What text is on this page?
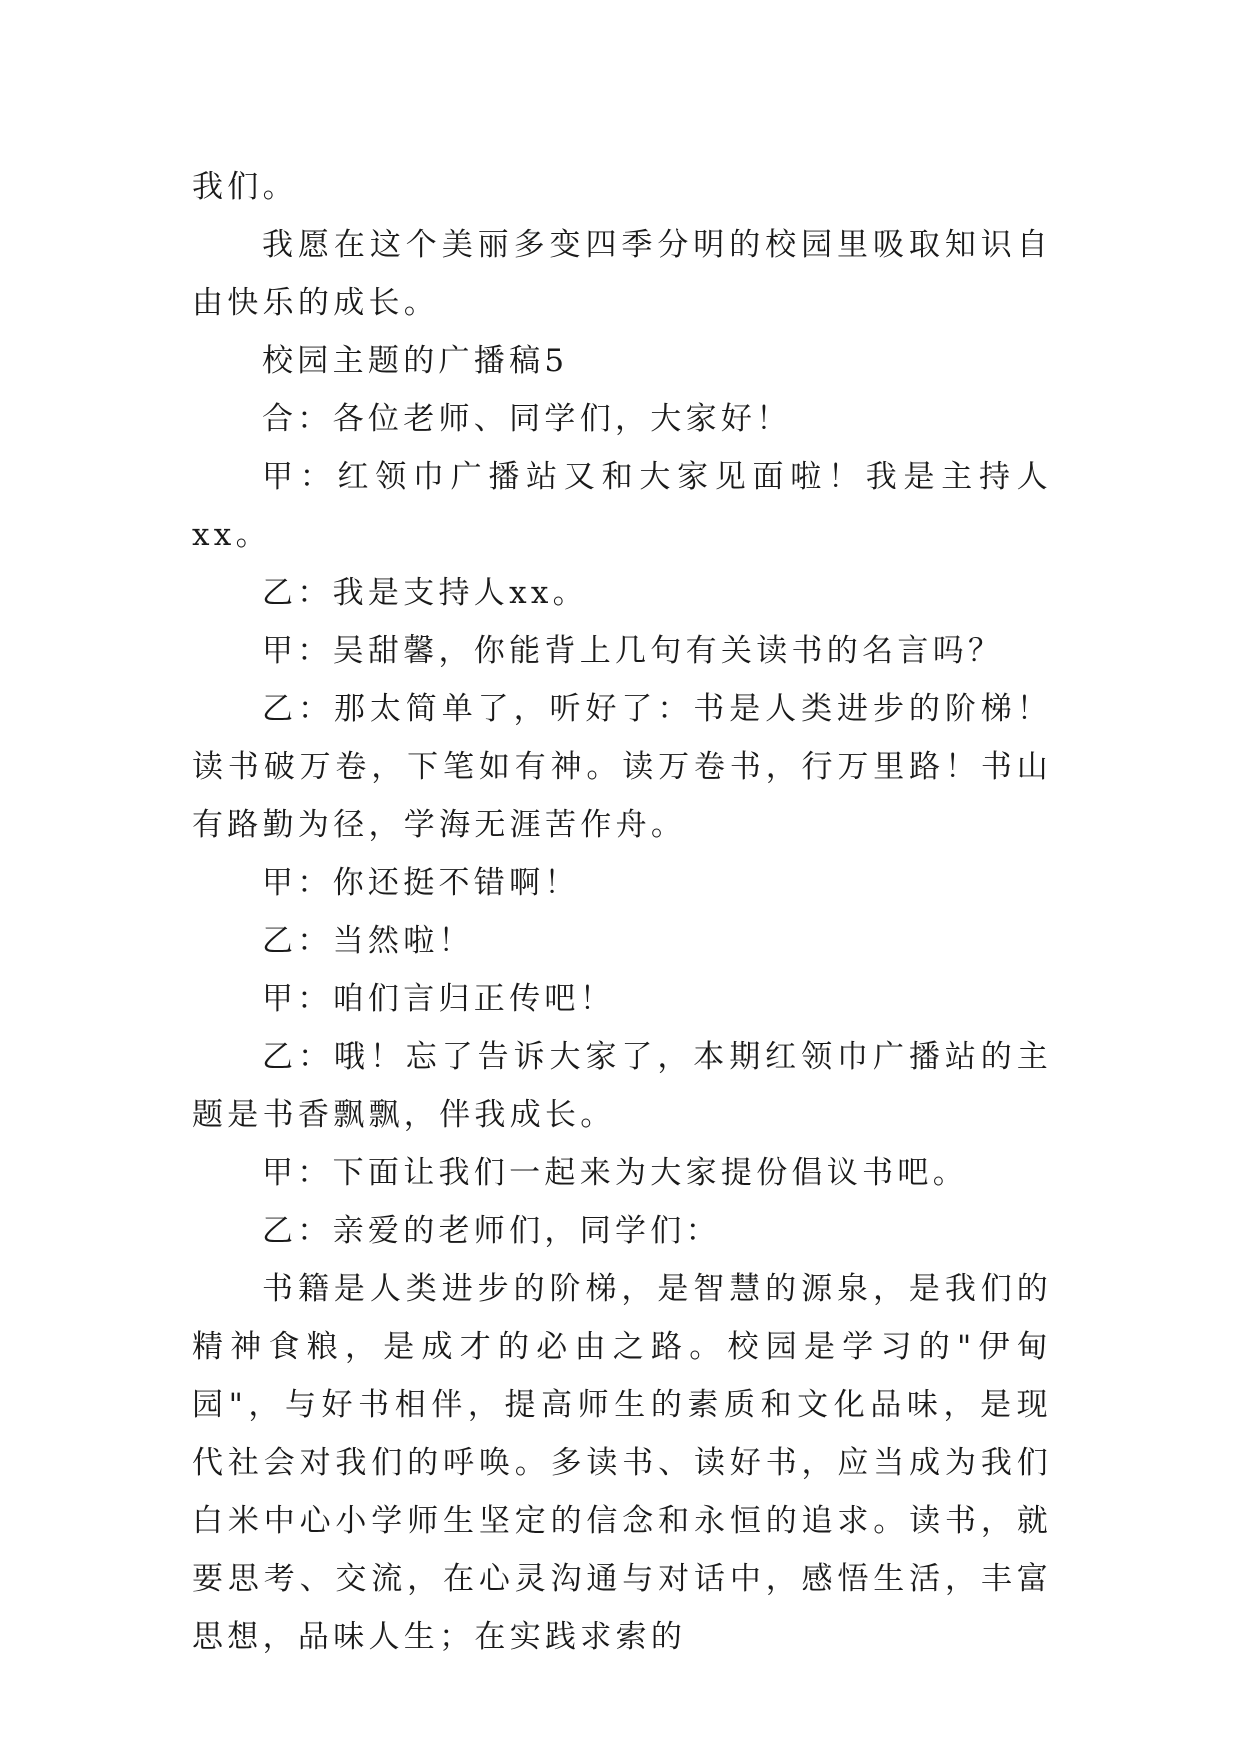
我们。

我愿在这个美丽多变四季分明的校园里吸取知识自由快乐的成长。

校园主题的广播稿5

合：各位老师、同学们，大家好！

甲：红领巾广播站又和大家见面啦！我是主持人xx。

乙：我是支持人xx。

甲：吴甜馨，你能背上几句有关读书的名言吗？

乙：那太简单了，听好了：书是人类进步的阶梯！读书破万卷，下笔如有神。读万卷书，行万里路！书山有路勤为径，学海无涯苦作舟。

甲：你还挺不错啊！

乙：当然啦！

甲：咱们言归正传吧！

乙：哦！忘了告诉大家了，本期红领巾广播站的主题是书香飘飘，伴我成长。

甲：下面让我们一起来为大家提份倡议书吧。

乙：亲爱的老师们，同学们：

书籍是人类进步的阶梯，是智慧的源泉，是我们的精神食粮，是成才的必由之路。校园是学习的"伊甸园"，与好书相伴，提高师生的素质和文化品味，是现代社会对我们的呼唤。多读书、读好书，应当成为我们白米中心小学师生坚定的信念和永恒的追求。读书，就要思考、交流，在心灵沟通与对话中，感悟生活，丰富思想，品味人生；在实践求索的
